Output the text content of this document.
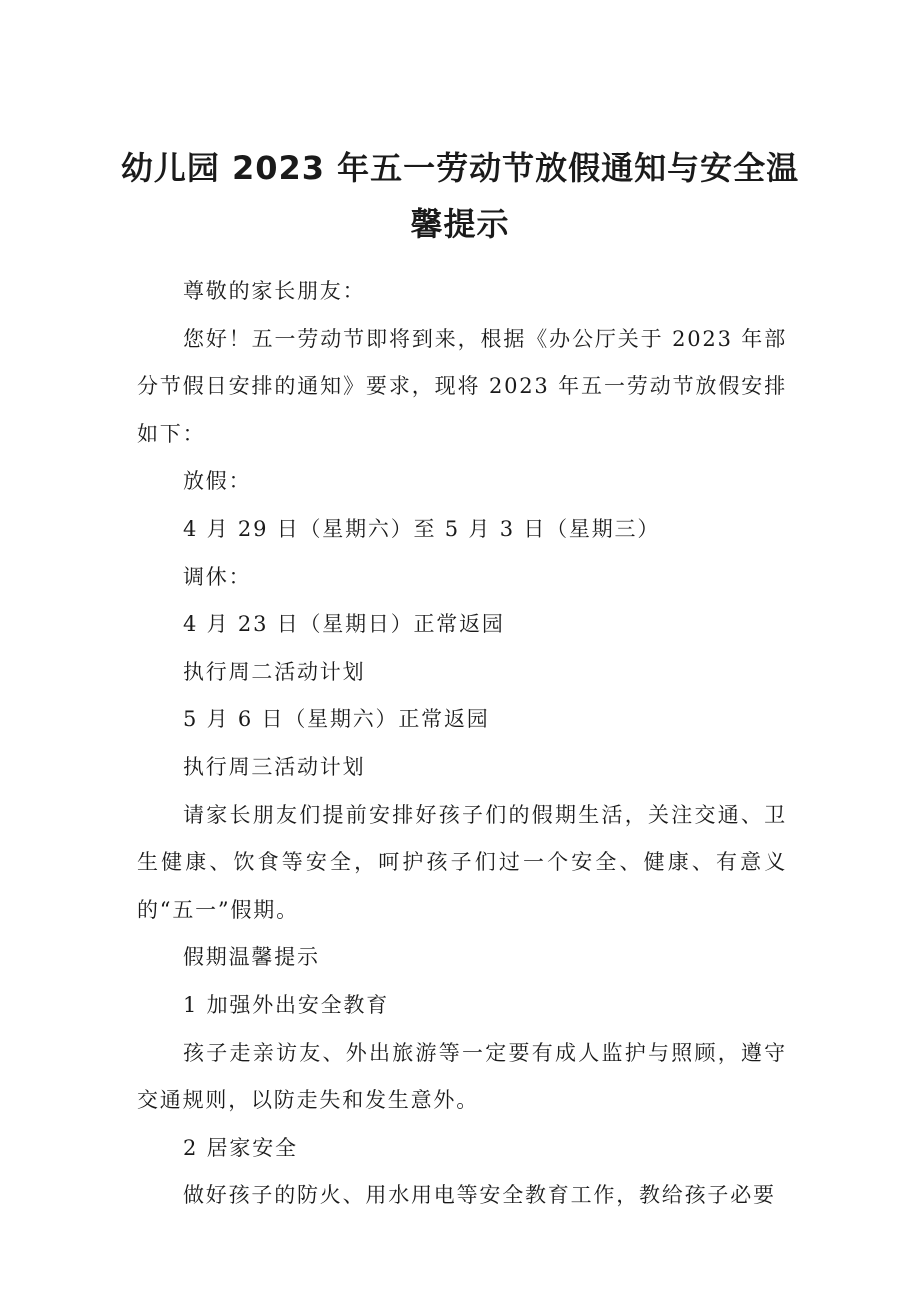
幼儿园 2023 年五一劳动节放假通知与安全温
馨提示

尊敬的家长朋友：

您好！五一劳动节即将到来，根据《办公厅关于 2023 年部分节假日安排的通知》要求，现将 2023 年五一劳动节放假安排如下：

放假：

4 月 29 日（星期六）至 5 月 3 日（星期三）

调休：

4 月 23 日（星期日）正常返园

执行周二活动计划

5 月 6 日（星期六）正常返园

执行周三活动计划

请家长朋友们提前安排好孩子们的假期生活，关注交通、卫生健康、饮食等安全，呵护孩子们过一个安全、健康、有意义的“五一”假期。

假期温馨提示

1 加强外出安全教育

孩子走亲访友、外出旅游等一定要有成人监护与照顾，遵守交通规则，以防走失和发生意外。

2 居家安全

做好孩子的防火、用水用电等安全教育工作，教给孩子必要
